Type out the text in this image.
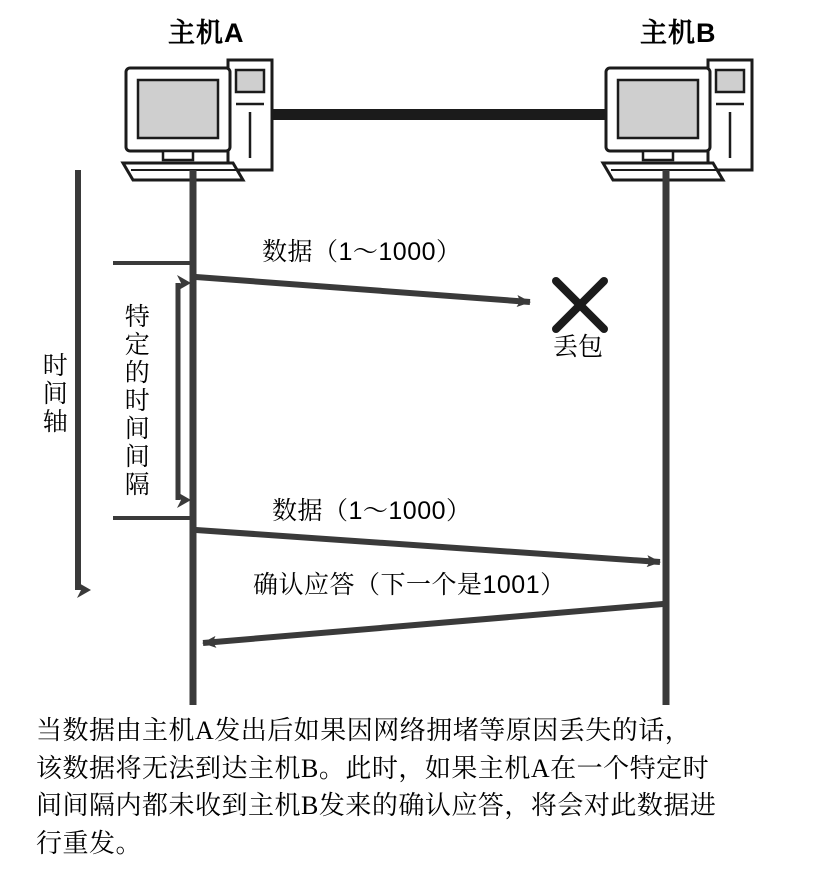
主机A	主机B
时间轴 特定的时间间隔
数据（1～1000）
丢包
数据（1～1000）
确认应答（下一个是1001）
当数据由主机A发出后如果因网络拥堵等原因丢失的话，
该数据将无法到达主机B。此时，如果主机A在一个特定时
间间隔内都未收到主机B发来的确认应答，将会对此数据进
行重发。
